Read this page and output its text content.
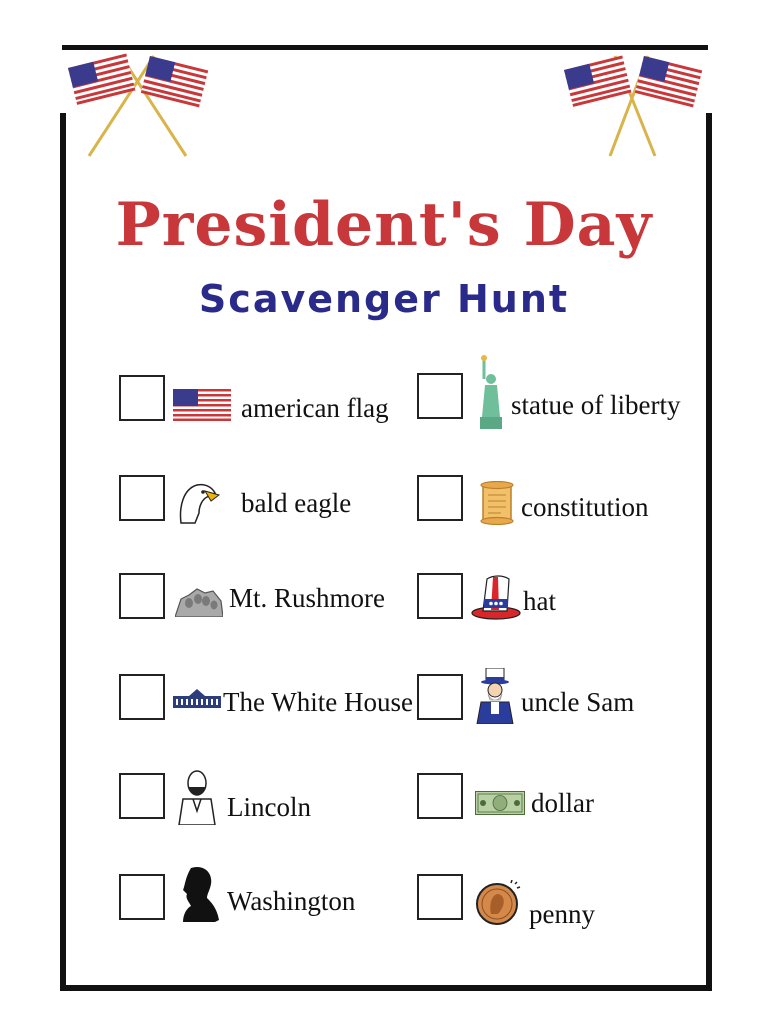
President's Day
Scavenger Hunt
american flag	statue of liberty
bald eagle	constitution
Mt. Rushmore	hat
The White House	uncle Sam
Lincoln	dollar
Washington	penny
